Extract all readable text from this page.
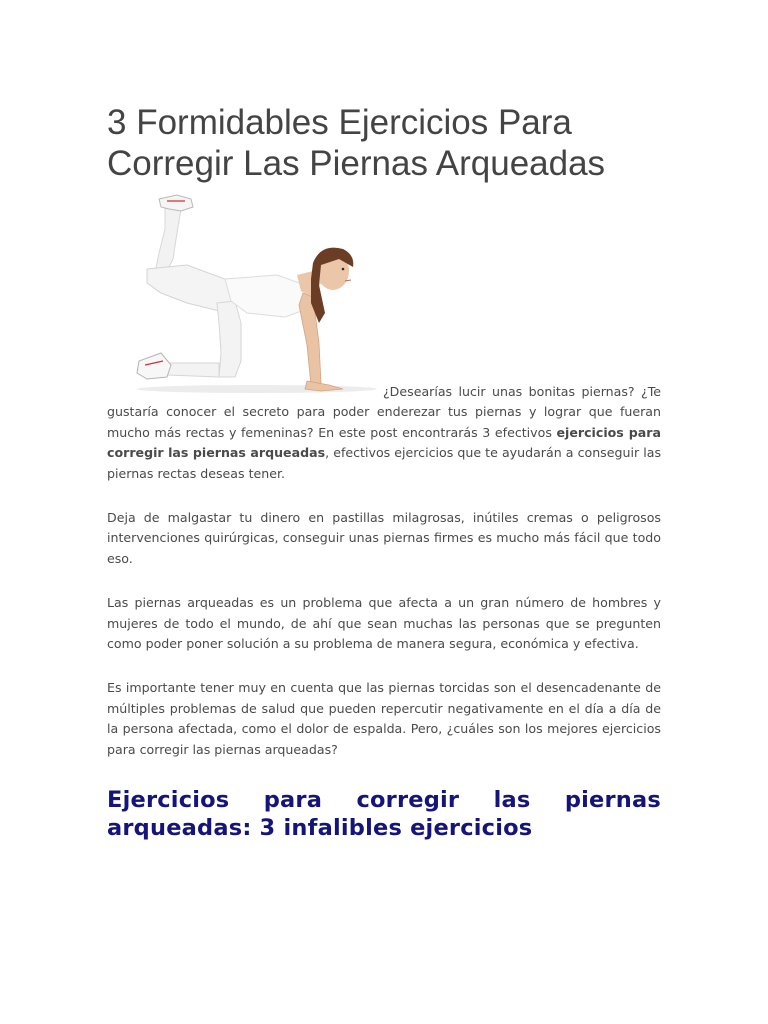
3 Formidables Ejercicios Para Corregir Las Piernas Arqueadas

¿Desearías lucir unas bonitas piernas? ¿Te gustaría conocer el secreto para poder enderezar tus piernas y lograr que fueran mucho más rectas y femeninas? En este post encontrarás 3 efectivos ejercicios para corregir las piernas arqueadas, efectivos ejercicios que te ayudarán a conseguir las piernas rectas deseas tener.

Deja de malgastar tu dinero en pastillas milagrosas, inútiles cremas o peligrosos intervenciones quirúrgicas, conseguir unas piernas firmes es mucho más fácil que todo eso.

Las piernas arqueadas es un problema que afecta a un gran número de hombres y mujeres de todo el mundo, de ahí que sean muchas las personas que se pregunten como poder poner solución a su problema de manera segura, económica y efectiva.

Es importante tener muy en cuenta que las piernas torcidas son el desencadenante de múltiples problemas de salud que pueden repercutir negativamente en el día a día de la persona afectada, como el dolor de espalda. Pero, ¿cuáles son los mejores ejercicios para corregir las piernas arqueadas?

Ejercicios para corregir las piernas arqueadas: 3 infalibles ejercicios
